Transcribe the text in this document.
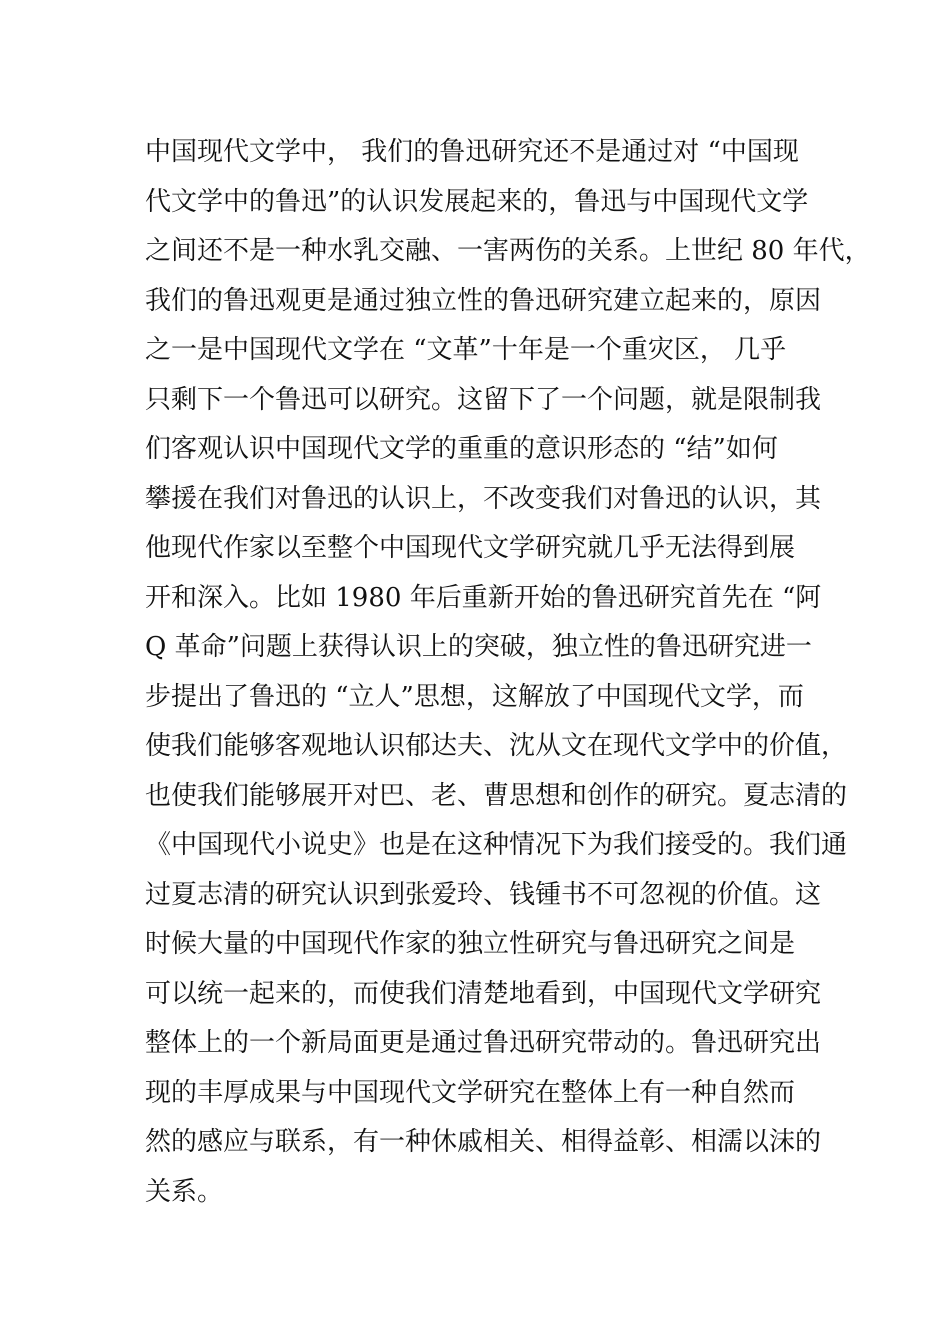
中国现代文学中， 我们的鲁迅研究还不是通过对 “中国现
代文学中的鲁迅”的认识发展起来的，鲁迅与中国现代文学
之间还不是一种水乳交融、一害两伤的关系。上世纪 80 年代，
我们的鲁迅观更是通过独立性的鲁迅研究建立起来的，原因
之一是中国现代文学在 “文革”十年是一个重灾区， 几乎
只剩下一个鲁迅可以研究。这留下了一个问题，就是限制我
们客观认识中国现代文学的重重的意识形态的 “结”如何
攀援在我们对鲁迅的认识上，不改变我们对鲁迅的认识，其
他现代作家以至整个中国现代文学研究就几乎无法得到展
开和深入。比如 1980 年后重新开始的鲁迅研究首先在 “阿
Q 革命”问题上获得认识上的突破，独立性的鲁迅研究进一
步提出了鲁迅的 “立人”思想，这解放了中国现代文学，而
使我们能够客观地认识郁达夫、沈从文在现代文学中的价值，
也使我们能够展开对巴、老、曹思想和创作的研究。夏志清的
《中国现代小说史》也是在这种情况下为我们接受的。我们通
过夏志清的研究认识到张爱玲、钱锺书不可忽视的价值。这
时候大量的中国现代作家的独立性研究与鲁迅研究之间是
可以统一起来的，而使我们清楚地看到，中国现代文学研究
整体上的一个新局面更是通过鲁迅研究带动的。鲁迅研究出
现的丰厚成果与中国现代文学研究在整体上有一种自然而
然的感应与联系，有一种休戚相关、相得益彰、相濡以沫的
关系。
